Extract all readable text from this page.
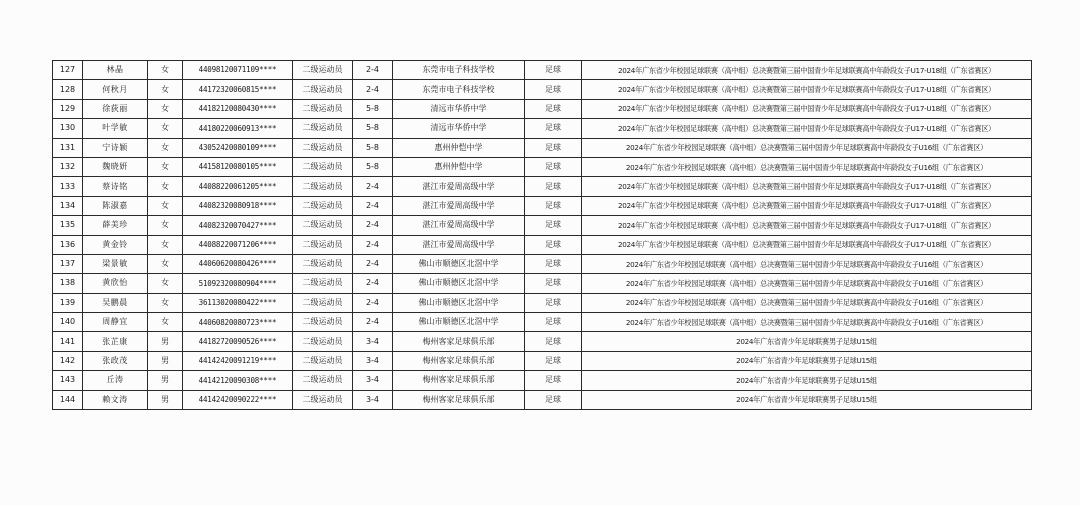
127	林晶	女	44098120071109****	二级运动员	2-4	东莞市电子科技学校	足球	2024年广东省少年校园足球联赛（高中组）总决赛暨第三届中国青少年足球联赛高中年龄段女子U17-U18组（广东省赛区）
128	何秋月	女	44172320060815****	二级运动员	2-4	东莞市电子科技学校	足球	2024年广东省少年校园足球联赛（高中组）总决赛暨第三届中国青少年足球联赛高中年龄段女子U17-U18组（广东省赛区）
129	徐荻丽	女	44182120080430****	二级运动员	5-8	清远市华侨中学	足球	2024年广东省少年校园足球联赛（高中组）总决赛暨第三届中国青少年足球联赛高中年龄段女子U17-U18组（广东省赛区）
130	叶学敏	女	44180220060913****	二级运动员	5-8	清远市华侨中学	足球	2024年广东省少年校园足球联赛（高中组）总决赛暨第三届中国青少年足球联赛高中年龄段女子U17-U18组（广东省赛区）
131	宁诗颖	女	43052420080109****	二级运动员	5-8	惠州仲恺中学	足球	2024年广东省少年校园足球联赛（高中组）总决赛暨第三届中国青少年足球联赛高中年龄段女子U16组（广东省赛区）
132	魏晓妍	女	44158120080105****	二级运动员	5-8	惠州仲恺中学	足球	2024年广东省少年校园足球联赛（高中组）总决赛暨第三届中国青少年足球联赛高中年龄段女子U16组（广东省赛区）
133	蔡诗铭	女	44088220061205****	二级运动员	2-4	湛江市爱周高级中学	足球	2024年广东省少年校园足球联赛（高中组）总决赛暨第三届中国青少年足球联赛高中年龄段女子U17-U18组（广东省赛区）
134	陈淑嘉	女	44082320080918****	二级运动员	2-4	湛江市爱周高级中学	足球	2024年广东省少年校园足球联赛（高中组）总决赛暨第三届中国青少年足球联赛高中年龄段女子U17-U18组（广东省赛区）
135	薛美珍	女	44082320070427****	二级运动员	2-4	湛江市爱周高级中学	足球	2024年广东省少年校园足球联赛（高中组）总决赛暨第三届中国青少年足球联赛高中年龄段女子U17-U18组（广东省赛区）
136	黄金铃	女	44088220071206****	二级运动员	2-4	湛江市爱周高级中学	足球	2024年广东省少年校园足球联赛（高中组）总决赛暨第三届中国青少年足球联赛高中年龄段女子U17-U18组（广东省赛区）
137	梁景敏	女	44060620080426****	二级运动员	2-4	佛山市顺德区北滘中学	足球	2024年广东省少年校园足球联赛（高中组）总决赛暨第三届中国青少年足球联赛高中年龄段女子U16组（广东省赛区）
138	黄欣怡	女	51092320080904****	二级运动员	2-4	佛山市顺德区北滘中学	足球	2024年广东省少年校园足球联赛（高中组）总决赛暨第三届中国青少年足球联赛高中年龄段女子U16组（广东省赛区）
139	吴鹏晨	女	36113020080422****	二级运动员	2-4	佛山市顺德区北滘中学	足球	2024年广东省少年校园足球联赛（高中组）总决赛暨第三届中国青少年足球联赛高中年龄段女子U16组（广东省赛区）
140	周静宜	女	44060820080723****	二级运动员	2-4	佛山市顺德区北滘中学	足球	2024年广东省少年校园足球联赛（高中组）总决赛暨第三届中国青少年足球联赛高中年龄段女子U16组（广东省赛区）
141	张芷康	男	44182720090526****	二级运动员	3-4	梅州客家足球俱乐部	足球	2024年广东省青少年足球联赛男子足球U15组
142	张政茂	男	44142420091219****	二级运动员	3-4	梅州客家足球俱乐部	足球	2024年广东省青少年足球联赛男子足球U15组
143	丘涛	男	44142120090308****	二级运动员	3-4	梅州客家足球俱乐部	足球	2024年广东省青少年足球联赛男子足球U15组
144	赖文涛	男	44142420090222****	二级运动员	3-4	梅州客家足球俱乐部	足球	2024年广东省青少年足球联赛男子足球U15组
